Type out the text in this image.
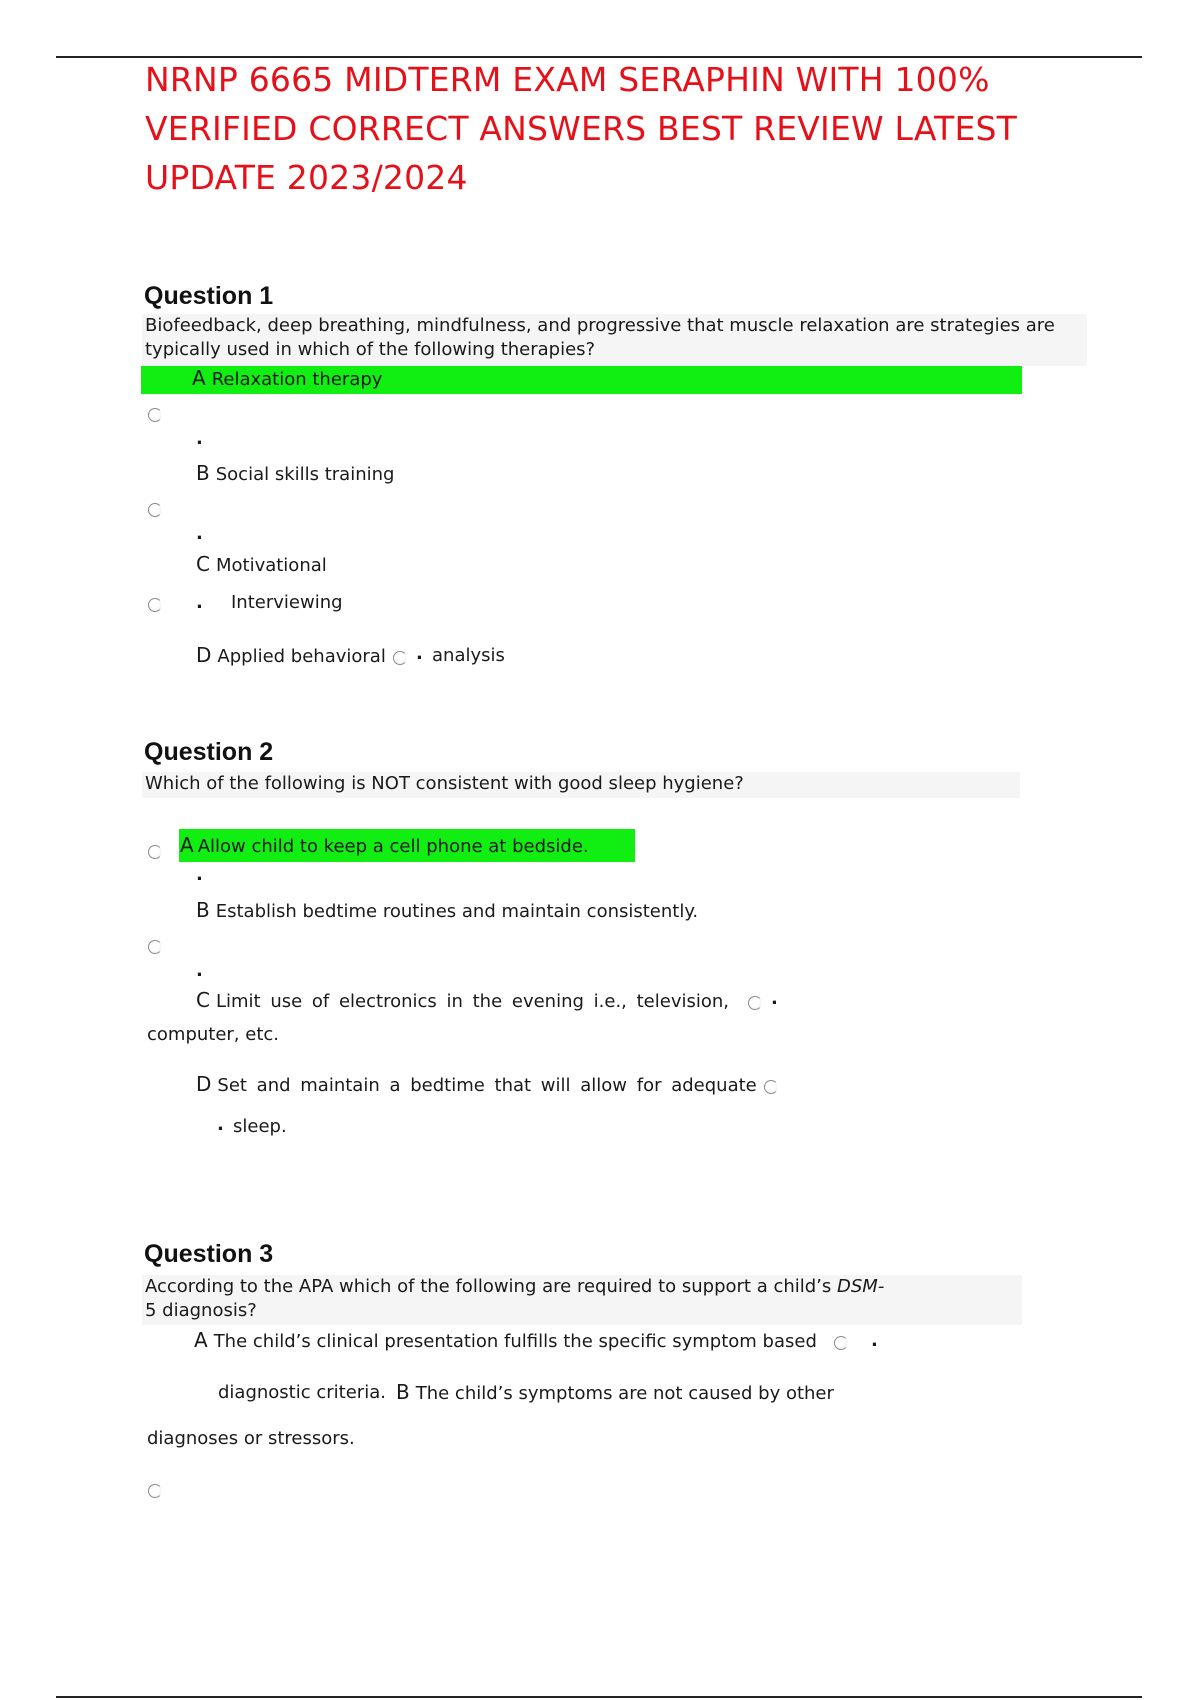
NRNP 6665 MIDTERM EXAM SERAPHIN WITH 100% VERIFIED CORRECT ANSWERS BEST REVIEW LATEST UPDATE 2023/2024
Question 1
Biofeedback, deep breathing, mindfulness, and progressive that muscle relaxation are strategies are typically used in which of the following therapies?
A Relaxation therapy
.
B Social skills training
.
C Motivational
. Interviewing
D Applied behavioral . analysis
Question 2
Which of the following is NOT consistent with good sleep hygiene?
A Allow child to keep a cell phone at bedside.
.
B Establish bedtime routines and maintain consistently.
.
C Limit use of electronics in the evening i.e., television, .
computer, etc.
D Set and maintain a bedtime that will allow for adequate
. sleep.
Question 3
According to the APA which of the following are required to support a child’s DSM-
5 diagnosis?
A The child’s clinical presentation fulfills the specific symptom based	.
diagnostic criteria. B The child’s symptoms are not caused by other
diagnoses or stressors.
